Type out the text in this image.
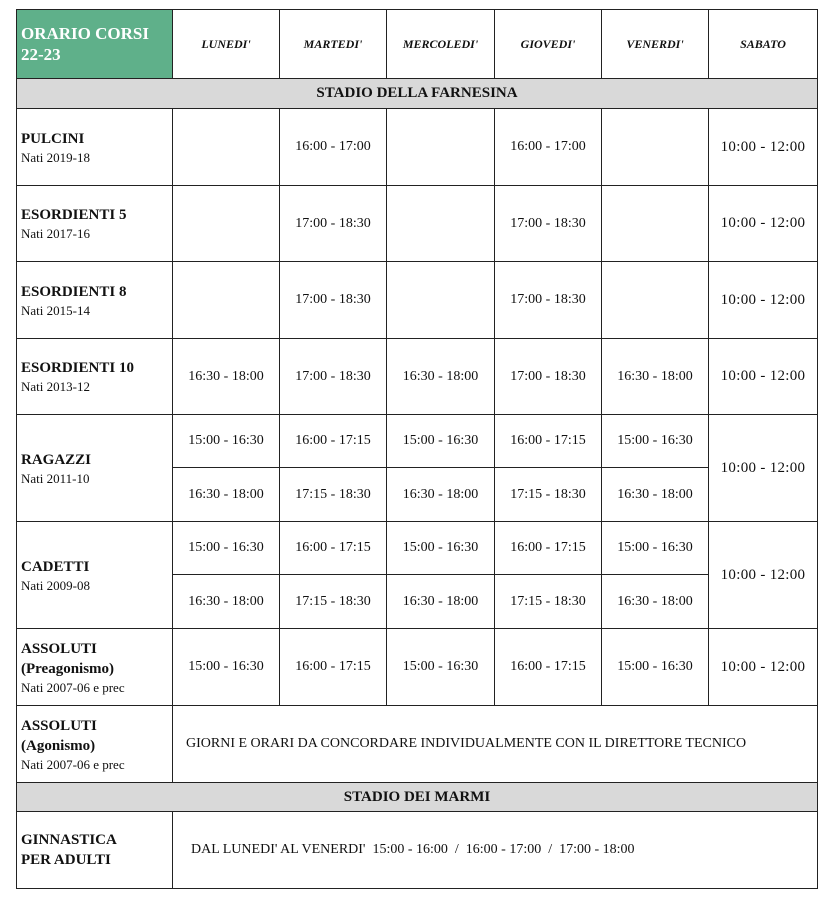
ORARIO CORSI
22-23	LUNEDI'	MARTEDI'	MERCOLEDI'	GIOVEDI'	VENERDI'	SABATO
STADIO DELLA FARNESINA						

PULCINI
Nati 2019-18		16:00 - 17:00		16:00 - 17:00		10:00 - 12:00

ESORDIENTI 5
Nati 2017-16		17:00 - 18:30		17:00 - 18:30		10:00 - 12:00

ESORDIENTI 8
Nati 2015-14		17:00 - 18:30		17:00 - 18:30		10:00 - 12:00

ESORDIENTI 10
Nati 2013-12	16:30 - 18:00	17:00 - 18:30	16:30 - 18:00	17:00 - 18:30	16:30 - 18:00	10:00 - 12:00

RAGAZZI
Nati 2011-10	15:00 - 16:30	16:00 - 17:15	15:00 - 16:30	16:00 - 17:15	15:00 - 16:30	10:00 - 12:00
	16:30 - 18:00	17:15 - 18:30	16:30 - 18:00	17:15 - 18:30	16:30 - 18:00	

CADETTI
Nati 2009-08	15:00 - 16:30	16:00 - 17:15	15:00 - 16:30	16:00 - 17:15	15:00 - 16:30	10:00 - 12:00
	16:30 - 18:00	17:15 - 18:30	16:30 - 18:00	17:15 - 18:30	16:30 - 18:00	

ASSOLUTI
(Preagonismo)
Nati 2007-06 e prec	15:00 - 16:30	16:00 - 17:15	15:00 - 16:30	16:00 - 17:15	15:00 - 16:30	10:00 - 12:00

ASSOLUTI
(Agonismo)
Nati 2007-06 e prec	GIORNI E ORARI DA CONCORDARE INDIVIDUALMENTE CON IL DIRETTORE TECNICO					
STADIO DEI MARMI						

GINNASTICA
PER ADULTI	DAL LUNEDI' AL VENERDI'  15:00 - 16:00  /  16:00 - 17:00  /  17:00 - 18:00					
